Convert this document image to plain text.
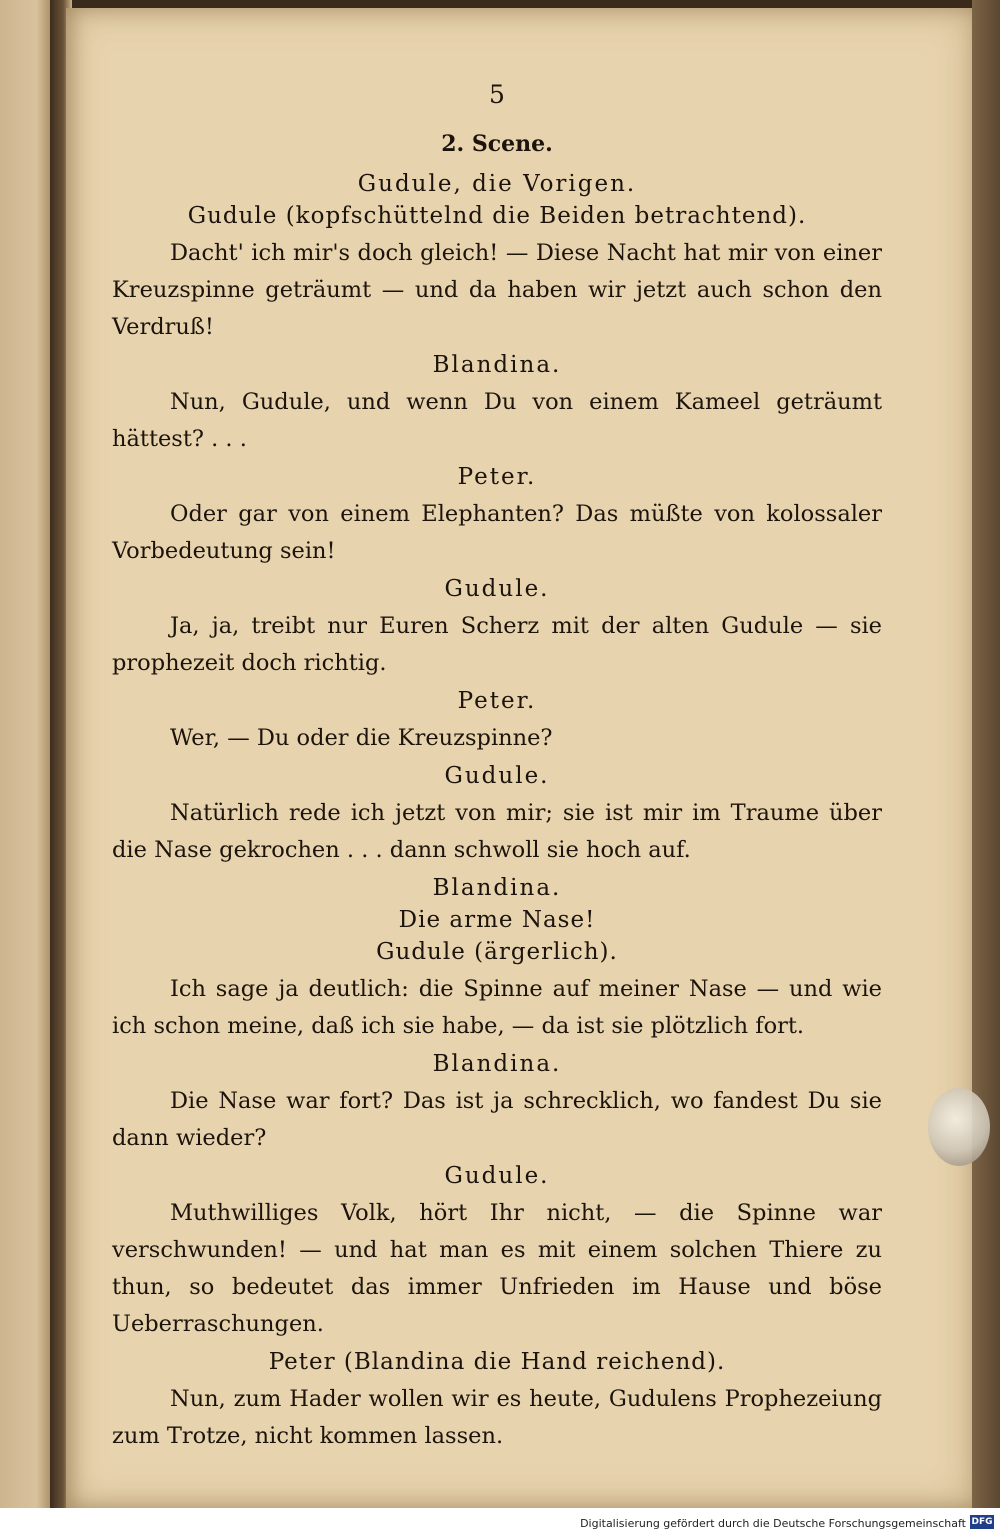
5
2. Scene.
Gudule, die Vorigen.
Gudule (kopfschüttelnd die Beiden betrachtend).

Dacht' ich mir's doch gleich! — Diese Nacht hat mir von einer Kreuzspinne geträumt — und da haben wir jetzt auch schon den Verdruß!

Blandina.

Nun, Gudule, und wenn Du von einem Kameel geträumt hättest? . . .

Peter.

Oder gar von einem Elephanten? Das müßte von kolossaler Vorbedeutung sein!

Gudule.

Ja, ja, treibt nur Euren Scherz mit der alten Gudule — sie prophezeit doch richtig.

Peter.

Wer, — Du oder die Kreuzspinne?

Gudule.

Natürlich rede ich jetzt von mir; sie ist mir im Traume über die Nase gekrochen . . . dann schwoll sie hoch auf.

Blandina.
Die arme Nase!
Gudule (ärgerlich).

Ich sage ja deutlich: die Spinne auf meiner Nase — und wie ich schon meine, daß ich sie habe, — da ist sie plötzlich fort.

Blandina.

Die Nase war fort? Das ist ja schrecklich, wo fandest Du sie dann wieder?

Gudule.

Muthwilliges Volk, hört Ihr nicht, — die Spinne war verschwunden! — und hat man es mit einem solchen Thiere zu thun, so bedeutet das immer Unfrieden im Hause und böse Ueberraschungen.

Peter (Blandina die Hand reichend).

Nun, zum Hader wollen wir es heute, Gudulens Prophezeiung zum Trotze, nicht kommen lassen.

Digitalisierung gefördert durch die Deutsche Forschungsgemeinschaft DFG
